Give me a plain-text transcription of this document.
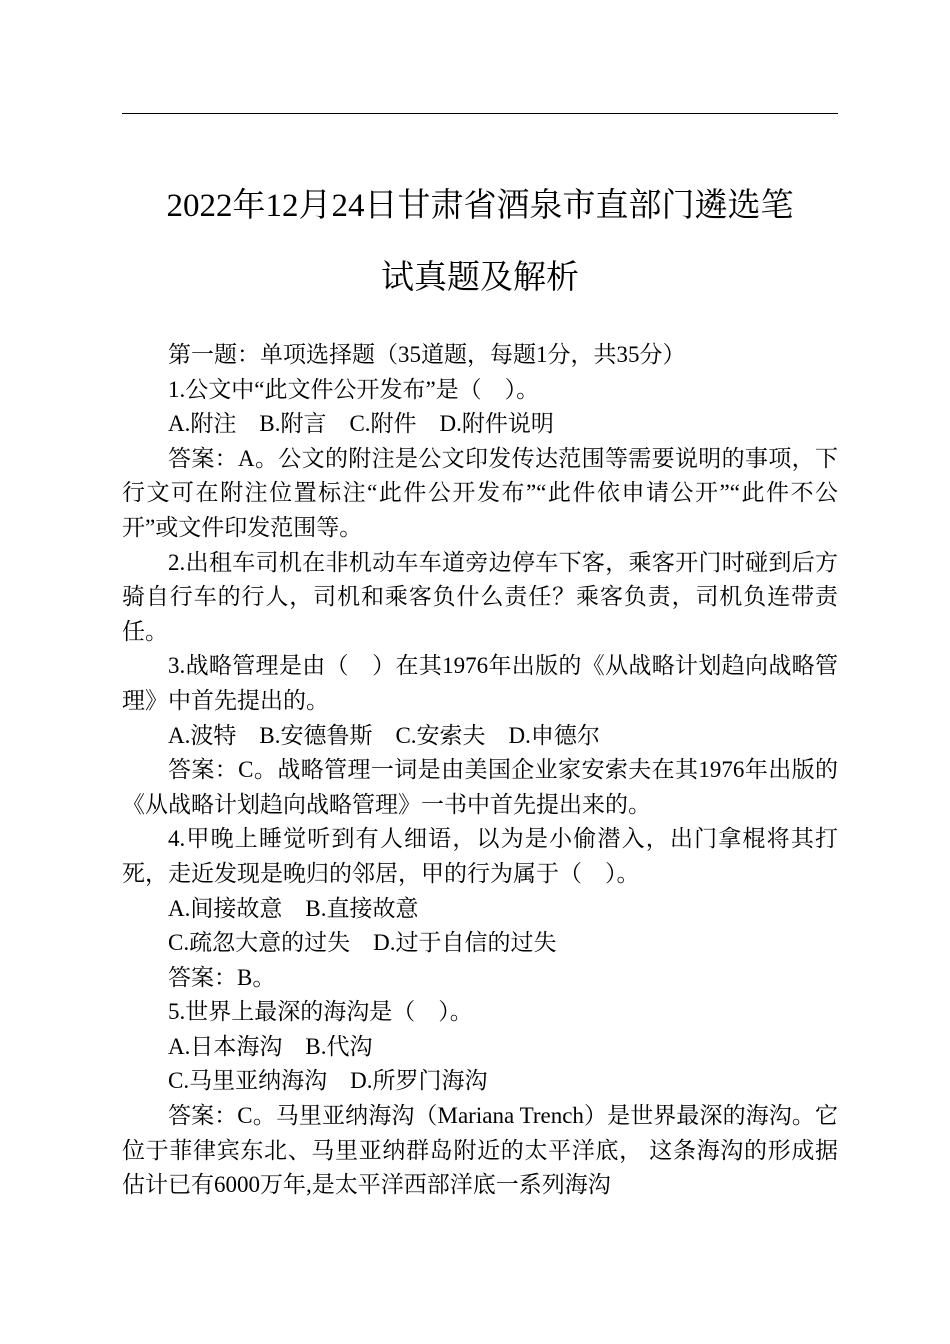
2022年12月24日甘肃省酒泉市直部门遴选笔
试真题及解析

第一题：单项选择题（35道题，每题1分，共35分）

1.公文中“此文件公开发布”是（　）。

A.附注　B.附言　C.附件　D.附件说明

答案：A。公文的附注是公文印发传达范围等需要说明的事项，下行文可在附注位置标注“此件公开发布”“此件依申请公开”“此件不公开”或文件印发范围等。

2.出租车司机在非机动车车道旁边停车下客，乘客开门时碰到后方骑自行车的行人，司机和乘客负什么责任？乘客负责，司机负连带责任。

3.战略管理是由（　）在其1976年出版的《从战略计划趋向战略管理》中首先提出的。

A.波特　B.安德鲁斯　C.安索夫　D.申德尔

答案：C。战略管理一词是由美国企业家安索夫在其1976年出版的《从战略计划趋向战略管理》一书中首先提出来的。

4.甲晚上睡觉听到有人细语，以为是小偷潜入，出门拿棍将其打死，走近发现是晚归的邻居，甲的行为属于（　）。

A.间接故意　B.直接故意

C.疏忽大意的过失　D.过于自信的过失

答案：B。

5.世界上最深的海沟是（　）。

A.日本海沟　B.代沟

C.马里亚纳海沟　D.所罗门海沟

答案：C。马里亚纳海沟（Mariana Trench）是世界最深的海沟。它位于菲律宾东北、马里亚纳群岛附近的太平洋底， 这条海沟的形成据估计已有6000万年,是太平洋西部洋底一系列海沟
